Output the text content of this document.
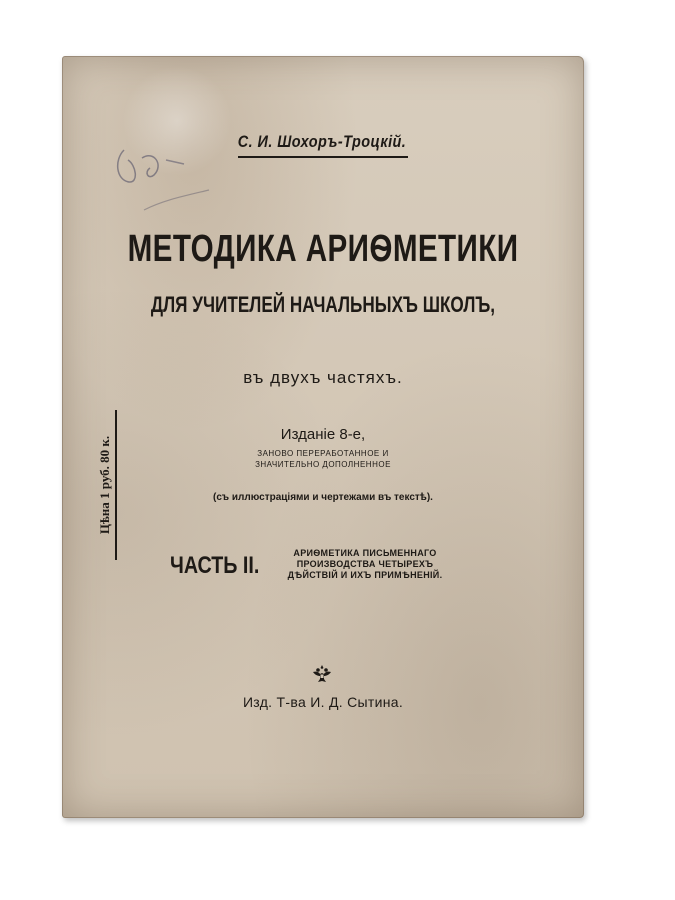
С. И. Шохоръ-Троцкій.
МЕТОДИКА АРИѲМЕТИКИ
ДЛЯ УЧИТЕЛЕЙ НАЧАЛЬНЫХЪ ШКОЛЪ,
въ двухъ частяхъ.
Изданіе 8-е,
ЗАНОВО ПЕРЕРАБОТАННОЕ И ЗНАЧИТЕЛЬНО ДОПОЛНЕННОЕ
(съ иллюстраціями и чертежами въ текстѣ).
ЧАСТЬ II.	АРИѲМЕТИКА ПИСЬМЕННАГО ПРОИЗВОДСТВА ЧЕТЫРЕХЪ ДѢЙСТВІЙ И ИХЪ ПРИМѢНЕНІЙ.
Цѣна 1 руб. 80 к.
Изд. Т-ва И. Д. Сытина.
